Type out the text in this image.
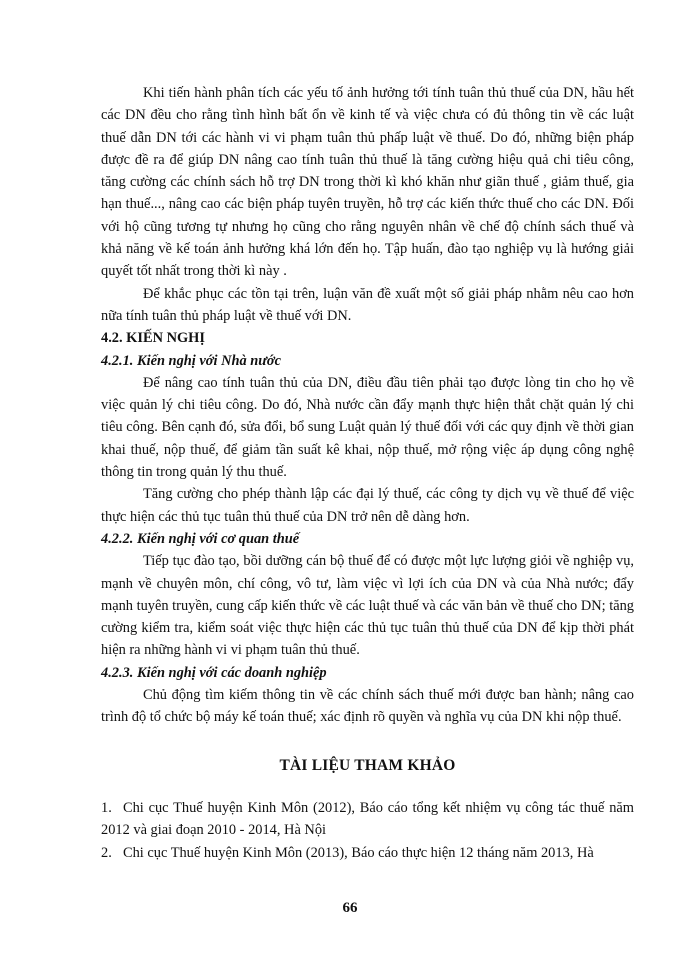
Khi tiến hành phân tích các yếu tố ảnh hưởng tới tính tuân thủ thuế của DN, hầu hết các DN đều cho rằng tình hình bất ổn về kinh tế và việc chưa có đủ thông tin về các luật thuế dẫn DN tới các hành vi vi phạm tuân thủ phấp luật về thuế. Do đó, những biện pháp được đề ra để giúp DN nâng cao tính tuân thủ thuế là tăng cường hiệu quả chi tiêu công, tăng cường các chính sách hỗ trợ DN trong thời kì khó khăn như giãn thuế , giảm thuế, gia hạn thuế..., nâng cao các biện pháp tuyên truyền, hỗ trợ các kiến thức thuế cho các DN. Đối với hộ cũng tương tự nhưng họ cũng cho rằng nguyên nhân về chế độ chính sách thuế và khả năng về kế toán ảnh hưởng khá lớn đến họ. Tập huấn, đào tạo nghiệp vụ là hướng giải quyết tốt nhất trong thời kì này .

Để khắc phục các tồn tại trên, luận văn đề xuất một số giải pháp nhằm nêu cao hơn nữa tính tuân thủ pháp luật về thuế với DN.

4.2. KIẾN NGHỊ

4.2.1. Kiến nghị với Nhà nước

Để nâng cao tính tuân thủ của DN, điều đầu tiên phải tạo được lòng tin cho họ về việc quản lý chi tiêu công. Do đó, Nhà nước cần đẩy mạnh thực hiện thắt chặt quản lý chi tiêu công. Bên cạnh đó, sửa đổi, bổ sung Luật quản lý thuế đối với các quy định về thời gian khai thuế, nộp thuế, để giảm tần suất kê khai, nộp thuế, mở rộng việc áp dụng công nghệ thông tin trong quản lý thu thuế.

Tăng cường cho phép thành lập các đại lý thuế, các công ty dịch vụ về thuế để việc thực hiện các thủ tục tuân thủ thuế của DN trở nên dễ dàng hơn.

4.2.2. Kiến nghị với cơ quan thuế

Tiếp tục đào tạo, bồi dưỡng cán bộ thuế để có được một lực lượng giỏi về nghiệp vụ, mạnh về chuyên môn, chí công, vô tư, làm việc vì lợi ích của DN và của Nhà nước; đẩy mạnh tuyên truyền, cung cấp kiến thức về các luật thuế và các văn bản về thuế cho DN; tăng cường kiểm tra, kiểm soát việc thực hiện các thủ tục tuân thủ thuế của DN để kịp thời phát hiện ra những hành vi vi phạm tuân thủ thuế.

4.2.3. Kiến nghị với các doanh nghiệp

Chủ động tìm kiếm thông tin về các chính sách thuế mới được ban hành; nâng cao trình độ tổ chức bộ máy kế toán thuế; xác định rõ quyền và nghĩa vụ của DN khi nộp thuế.

TÀI LIỆU THAM KHẢO

1. Chi cục Thuế huyện Kinh Môn (2012), Báo cáo tổng kết nhiệm vụ công tác thuế năm 2012 và giai đoạn 2010 - 2014, Hà Nội

2. Chi cục Thuế huyện Kinh Môn (2013), Báo cáo thực hiện 12 tháng năm 2013, Hà

66
